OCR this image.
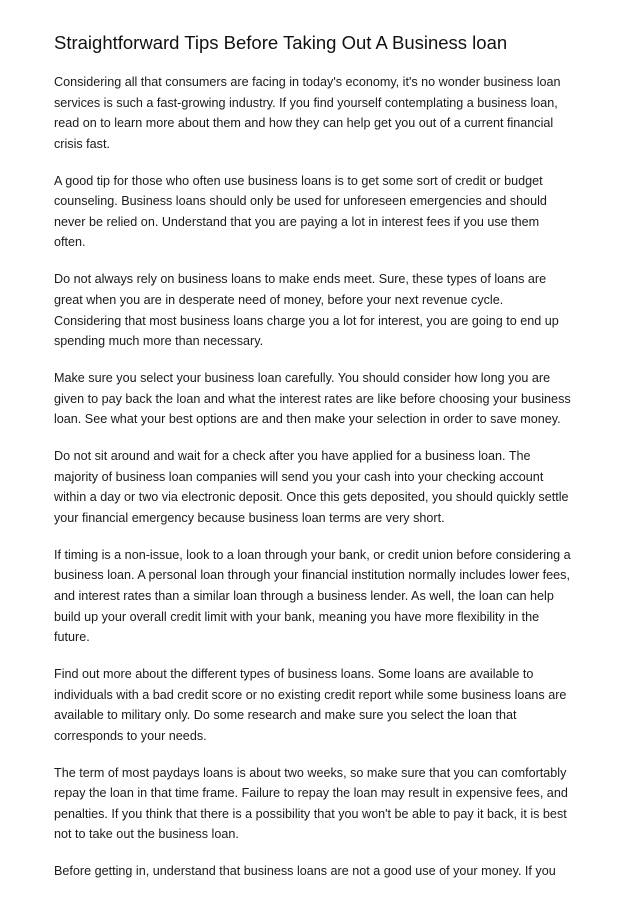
Straightforward Tips Before Taking Out A Business loan
Considering all that consumers are facing in today's economy, it's no wonder business loan
services is such a fast-growing industry. If you find yourself contemplating a business loan,
read on to learn more about them and how they can help get you out of a current financial
crisis fast.
A good tip for those who often use business loans is to get some sort of credit or budget
counseling. Business loans should only be used for unforeseen emergencies and should
never be relied on. Understand that you are paying a lot in interest fees if you use them
often.
Do not always rely on business loans to make ends meet. Sure, these types of loans are
great when you are in desperate need of money, before your next revenue cycle.
Considering that most business loans charge you a lot for interest, you are going to end up
spending much more than necessary.
Make sure you select your business loan carefully. You should consider how long you are
given to pay back the loan and what the interest rates are like before choosing your business
loan. See what your best options are and then make your selection in order to save money.
Do not sit around and wait for a check after you have applied for a business loan. The
majority of business loan companies will send you your cash into your checking account
within a day or two via electronic deposit. Once this gets deposited, you should quickly settle
your financial emergency because business loan terms are very short.
If timing is a non-issue, look to a loan through your bank, or credit union before considering a
business loan. A personal loan through your financial institution normally includes lower fees,
and interest rates than a similar loan through a business lender. As well, the loan can help
build up your overall credit limit with your bank, meaning you have more flexibility in the
future.
Find out more about the different types of business loans. Some loans are available to
individuals with a bad credit score or no existing credit report while some business loans are
available to military only. Do some research and make sure you select the loan that
corresponds to your needs.
The term of most paydays loans is about two weeks, so make sure that you can comfortably
repay the loan in that time frame. Failure to repay the loan may result in expensive fees, and
penalties. If you think that there is a possibility that you won't be able to pay it back, it is best
not to take out the business loan.
Before getting in, understand that business loans are not a good use of your money. If you
